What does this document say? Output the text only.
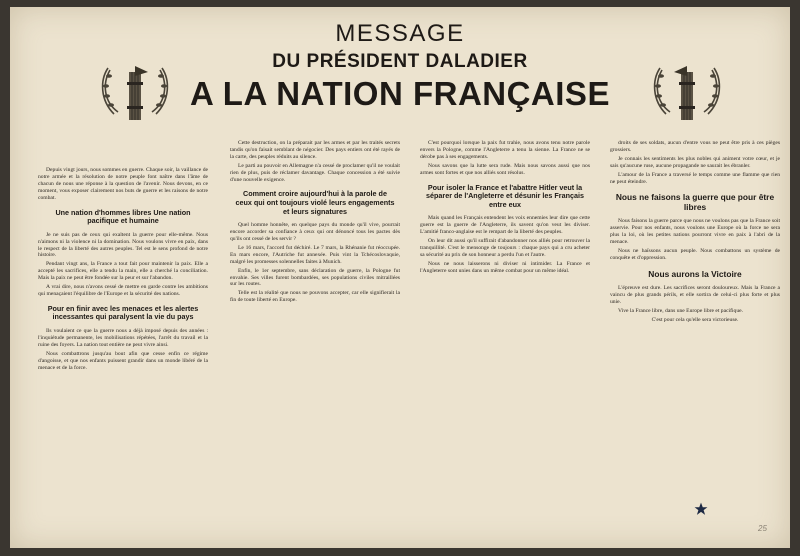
MESSAGE
DU PRÉSIDENT DALADIER
A LA NATION FRANÇAISE

Depuis vingt jours, nous sommes en guerre. Chaque soir, la vaillance de notre armée et la résolution de notre peuple font naître dans l'âme de chacun de nous une réponse à la question de l'avenir. Nous devons, en ce moment, vous exposer clairement nos buts de guerre et les raisons de notre combat.

Une nation d'hommes libres Une nation pacifique et humaine

Je ne suis pas de ceux qui exaltent la guerre pour elle-même. Nous n'aimons ni la violence ni la domination. Nous voulons vivre en paix, dans le respect de la liberté des autres peuples. Tel est le sens profond de notre histoire.

Pendant vingt ans, la France a tout fait pour maintenir la paix. Elle a accepté les sacrifices, elle a tendu la main, elle a cherché la conciliation. Mais la paix ne peut être fondée sur la peur et sur l'abandon.

A vrai dire, nous n'avons cessé de mettre en garde contre les ambitions qui menaçaient l'équilibre de l'Europe et la sécurité des nations.

Pour en finir avec les menaces et les alertes incessantes qui paralysent la vie du pays

Ils voulaient ce que la guerre nous a déjà imposé depuis des années : l'inquiétude permanente, les mobilisations répétées, l'arrêt du travail et la ruine des foyers. La nation tout entière ne peut vivre ainsi.

Nous combattrons jusqu'au bout afin que cesse enfin ce régime d'angoisse, et que nos enfants puissent grandir dans un monde libéré de la menace et de la force.

Cette destruction, on la préparait par les armes et par les traités secrets tandis qu'on faisait semblant de négocier. Des pays entiers ont été rayés de la carte, des peuples réduits au silence.

Le parti au pouvoir en Allemagne n'a cessé de proclamer qu'il ne voulait rien de plus, puis de réclamer davantage. Chaque concession a été suivie d'une nouvelle exigence.

Comment croire aujourd'hui à la parole de ceux qui ont toujours violé leurs engagements et leurs signatures

Quel homme honnête, en quelque pays du monde qu'il vive, pourrait encore accorder sa confiance à ceux qui ont dénoncé tous les pactes dès qu'ils ont cessé de les servir ?

Le 16 mars, l'accord fut déchiré. Le 7 mars, la Rhénanie fut réoccupée. En mars encore, l'Autriche fut annexée. Puis vint la Tchécoslovaquie, malgré les promesses solennelles faites à Munich.

Enfin, le 1er septembre, sans déclaration de guerre, la Pologne fut envahie. Ses villes furent bombardées, ses populations civiles mitraillées sur les routes.

Telle est la réalité que nous ne pouvons accepter, car elle signifierait la fin de toute liberté en Europe.

C'est pourquoi lorsque la paix fut trahie, nous avons tenu notre parole envers la Pologne, comme l'Angleterre a tenu la sienne. La France ne se dérobe pas à ses engagements.

Nous savons que la lutte sera rude. Mais nous savons aussi que nos armes sont fortes et que nos alliés sont résolus.

Pour isoler la France et l'abattre Hitler veut la séparer de l'Angleterre et désunir les Français entre eux

Mais quand les Français entendent les voix ennemies leur dire que cette guerre est la guerre de l'Angleterre, ils savent qu'on veut les diviser. L'amitié franco-anglaise est le rempart de la liberté des peuples.

On leur dit aussi qu'il suffirait d'abandonner nos alliés pour retrouver la tranquillité. C'est le mensonge de toujours : chaque pays qui a cru acheter sa sécurité au prix de son honneur a perdu l'un et l'autre.

Nous ne nous laisserons ni diviser ni intimider. La France et l'Angleterre sont unies dans un même combat pour un même idéal.

droits de ses soldats, aucun d'entre vous ne peut être pris à ces pièges grossiers.

Je connais les sentiments les plus nobles qui animent votre cœur, et je sais qu'aucune ruse, aucune propagande ne saurait les ébranler.

L'amour de la France a traversé le temps comme une flamme que rien ne peut éteindre.

Nous ne faisons la guerre que pour être libres

Nous faisons la guerre parce que nous ne voulons pas que la France soit asservie. Pour nos enfants, nous voulons une Europe où la force ne sera plus la loi, où les petites nations pourront vivre en paix à l'abri de la menace.

Nous ne haïssons aucun peuple. Nous combattons un système de conquête et d'oppression.

Nous aurons la Victoire

L'épreuve est dure. Les sacrifices seront douloureux. Mais la France a vaincu de plus grands périls, et elle sortira de celui-ci plus forte et plus unie.

Vive la France libre, dans une Europe libre et pacifique.

C'est pour cela qu'elle sera victorieuse.

25
